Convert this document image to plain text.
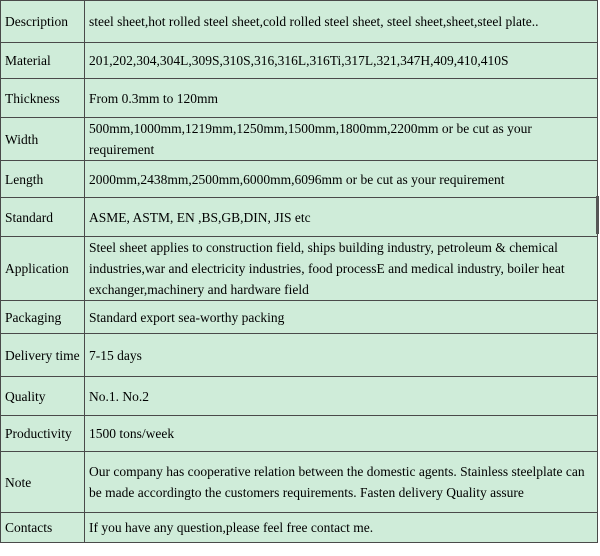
Description	steel sheet,hot rolled steel sheet,cold rolled steel sheet, steel sheet,sheet,steel plate..
Material	201,202,304,304L,309S,310S,316,316L,316Ti,317L,321,347H,409,410,410S
Thickness	From 0.3mm to 120mm
Width	500mm,1000mm,1219mm,1250mm,1500mm,1800mm,2200mm or be cut as your requirement
Length	2000mm,2438mm,2500mm,6000mm,6096mm or be cut as your requirement
Standard	ASME, ASTM, EN ,BS,GB,DIN, JIS etc
Application	Steel sheet applies to construction field, ships building industry, petroleum & chemical industries,war and electricity industries, food processE and medical industry, boiler heat exchanger,machinery and hardware field
Packaging	Standard export sea-worthy packing
Delivery time	7-15 days
Quality	No.1. No.2
Productivity	1500 tons/week
Note	Our company has cooperative relation between the domestic agents. Stainless steelplate can be made accordingto the customers requirements. Fasten delivery Quality assure
Contacts	If you have any question,please feel free contact me.
